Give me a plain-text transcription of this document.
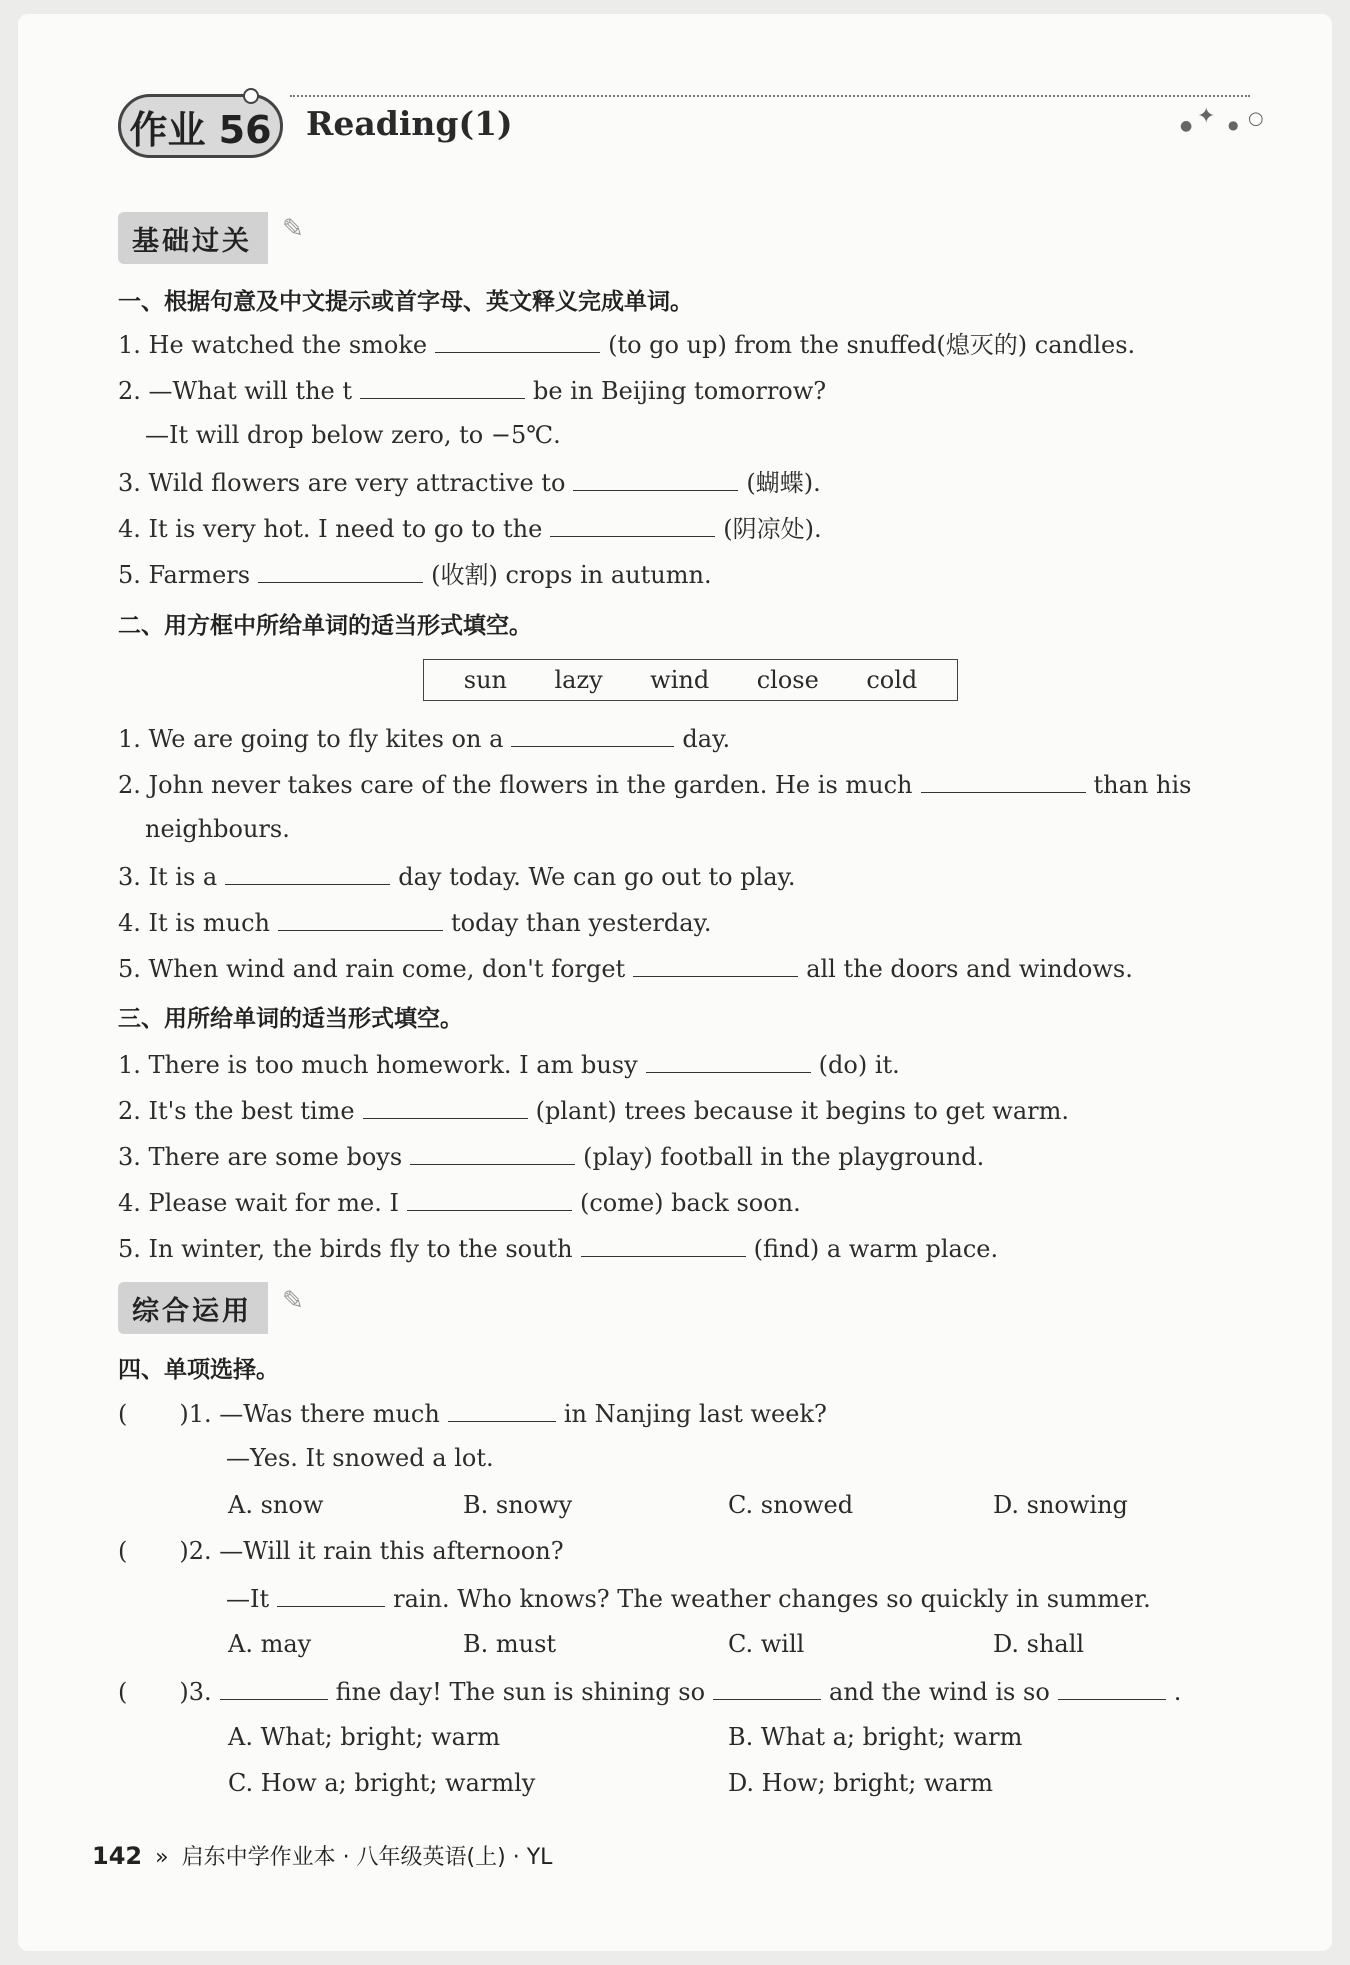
作业 56 Reading(1)	● ✦ ● ○
基础过关 ✎
一、根据句意及中文提示或首字母、英文释义完成单词。
1. He watched the smoke	(to go up) from the snuffed(熄灭的) candles.
2. —What will the t	be in Beijing tomorrow?
—It will drop below zero, to −5℃.
3. Wild flowers are very attractive to	(蝴蝶).
4. It is very hot. I need to go to the	(阴凉处).
5. Farmers	(收割) crops in autumn.
二、用方框中所给单词的适当形式填空。
sun lazy wind close cold
1. We are going to fly kites on a	day.
2. John never takes care of the flowers in the garden. He is much	than his
neighbours.
3. It is a	day today. We can go out to play.
4. It is much	today than yesterday.
5. When wind and rain come, don't forget	all the doors and windows.
三、用所给单词的适当形式填空。
1. There is too much homework. I am busy	(do) it.
2. It's the best time	(plant) trees because it begins to get warm.
3. There are some boys	(play) football in the playground.
4. Please wait for me. I	(come) back soon.
5. In winter, the birds fly to the south	(find) a warm place.
综合运用 ✎
四、单项选择。
( )1. —Was there much	in Nanjing last week?
—Yes. It snowed a lot.
A. snow	B. snowy	C. snowed	D. snowing
( )2. —Will it rain this afternoon?
—It	rain. Who knows? The weather changes so quickly in summer.
A. may	B. must	C. will	D. shall
( )3.	fine day! The sun is shining so	and the wind is so	.
A. What; bright; warm	B. What a; bright; warm
C. How a; bright; warmly	D. How; bright; warm
142 » 启东中学作业本 · 八年级英语(上) · YL
